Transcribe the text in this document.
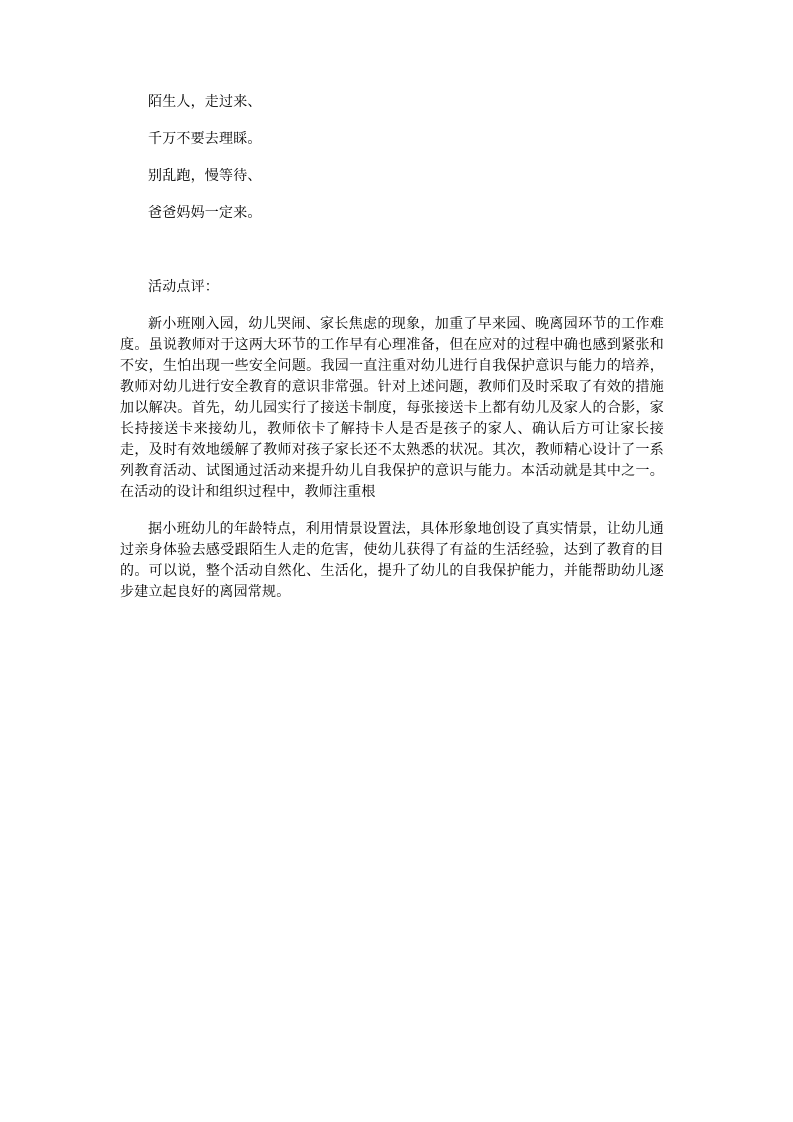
陌生人，走过来、

千万不要去理睬。

别乱跑，慢等待、

爸爸妈妈一定来。

活动点评：

新小班刚入园，幼儿哭闹、家长焦虑的现象，加重了早来园、晚离园环节的工作难度。虽说教师对于这两大环节的工作早有心理准备，但在应对的过程中确也感到紧张和不安，生怕出现一些安全问题。我园一直注重对幼儿进行自我保护意识与能力的培养，教师对幼儿进行安全教育的意识非常强。针对上述问题，教师们及时采取了有效的措施加以解决。首先，幼儿园实行了接送卡制度，每张接送卡上都有幼儿及家人的合影，家长持接送卡来接幼儿，教师依卡了解持卡人是否是孩子的家人、确认后方可让家长接走，及时有效地缓解了教师对孩子家长还不太熟悉的状况。其次，教师精心设计了一系列教育活动、试图通过活动来提升幼儿自我保护的意识与能力。本活动就是其中之一。在活动的设计和组织过程中，教师注重根

据小班幼儿的年龄特点，利用情景设置法，具体形象地创设了真实情景，让幼儿通过亲身体验去感受跟陌生人走的危害，使幼儿获得了有益的生活经验，达到了教育的目的。可以说，整个活动自然化、生活化，提升了幼儿的自我保护能力，并能帮助幼儿逐步建立起良好的离园常规。
